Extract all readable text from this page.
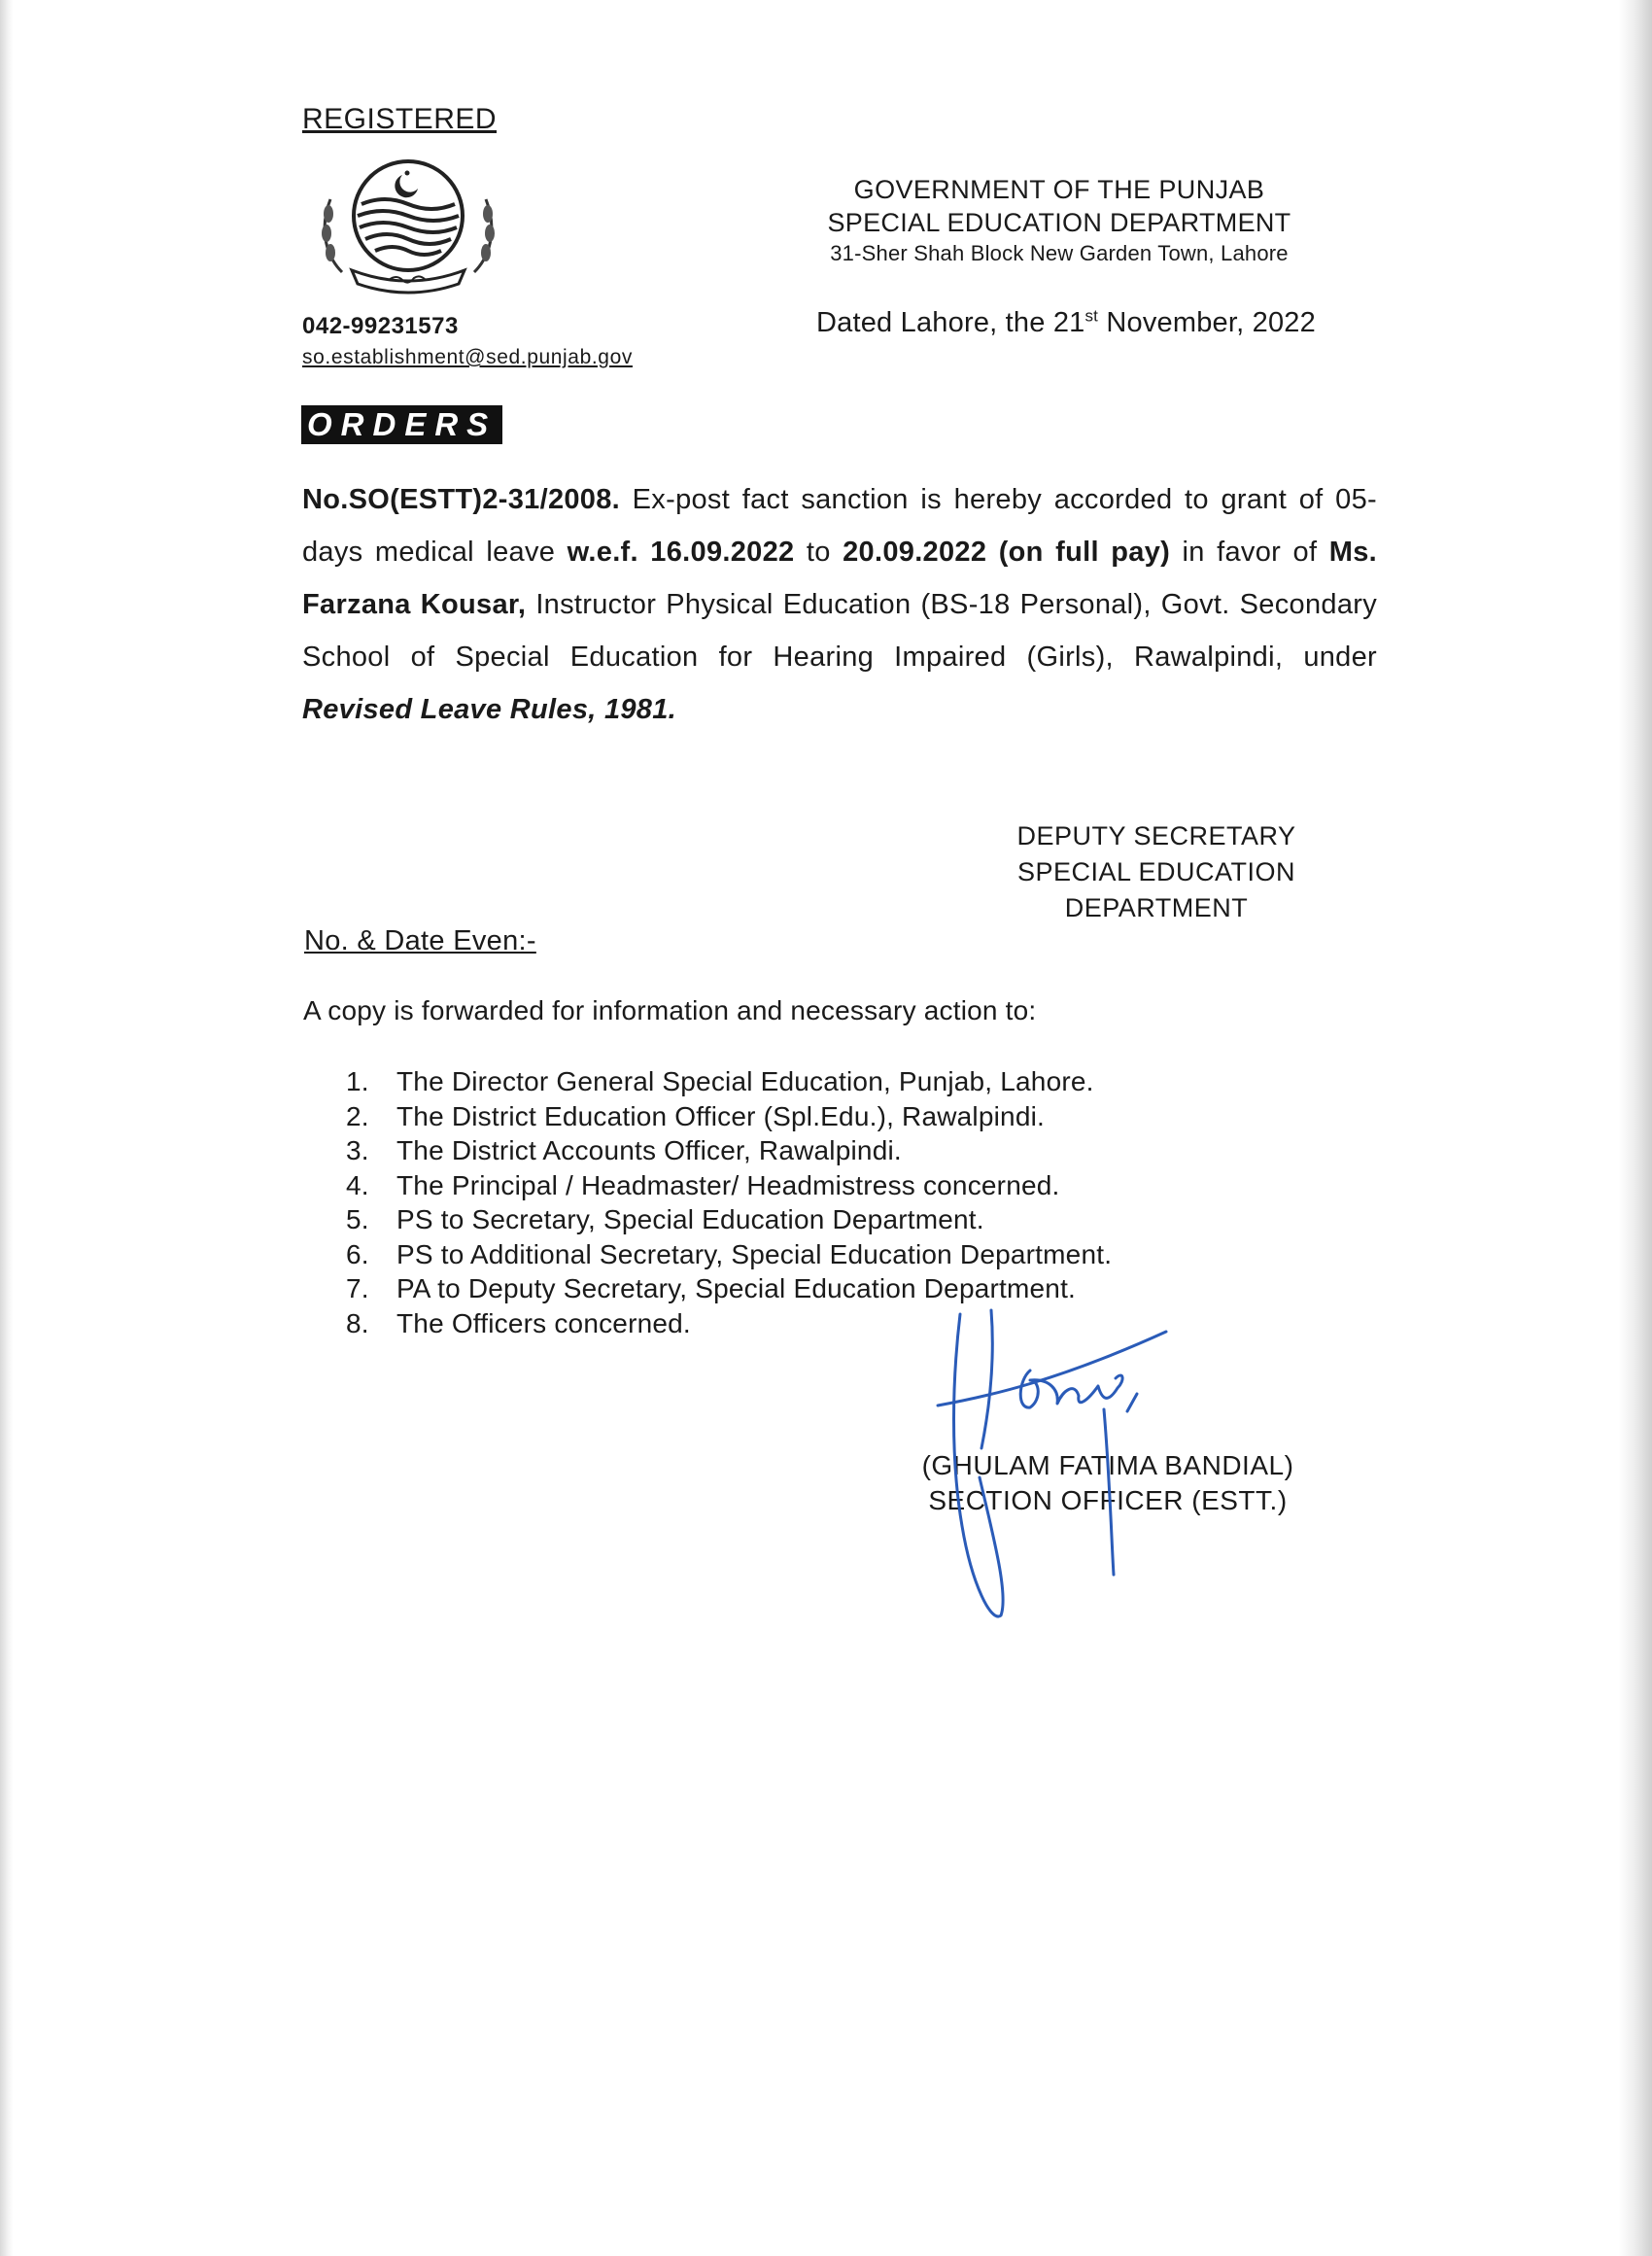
REGISTERED
042-99231573
so.establishment@sed.punjab.gov
GOVERNMENT OF THE PUNJAB
SPECIAL EDUCATION DEPARTMENT
31-Sher Shah Block New Garden Town, Lahore
Dated Lahore, the 21st November, 2022
ORDERS
No.SO(ESTT)2-31/2008. Ex-post fact sanction is hereby accorded to grant of 05-days medical leave w.e.f. 16.09.2022 to 20.09.2022 (on full pay) in favor of Ms. Farzana Kousar, Instructor Physical Education (BS-18 Personal), Govt. Secondary School of Special Education for Hearing Impaired (Girls), Rawalpindi, under Revised Leave Rules, 1981.
DEPUTY SECRETARY
SPECIAL EDUCATION
DEPARTMENT
No. & Date Even:-
A copy is forwarded for information and necessary action to:
1.	The Director General Special Education, Punjab, Lahore.
2.	The District Education Officer (Spl.Edu.), Rawalpindi.
3.	The District Accounts Officer, Rawalpindi.
4.	The Principal / Headmaster/ Headmistress concerned.
5.	PS to Secretary, Special Education Department.
6.	PS to Additional Secretary, Special Education Department.
7.	PA to Deputy Secretary, Special Education Department.
8.	The Officers concerned.
(GHULAM FATIMA BANDIAL)
SECTION OFFICER (ESTT.)
